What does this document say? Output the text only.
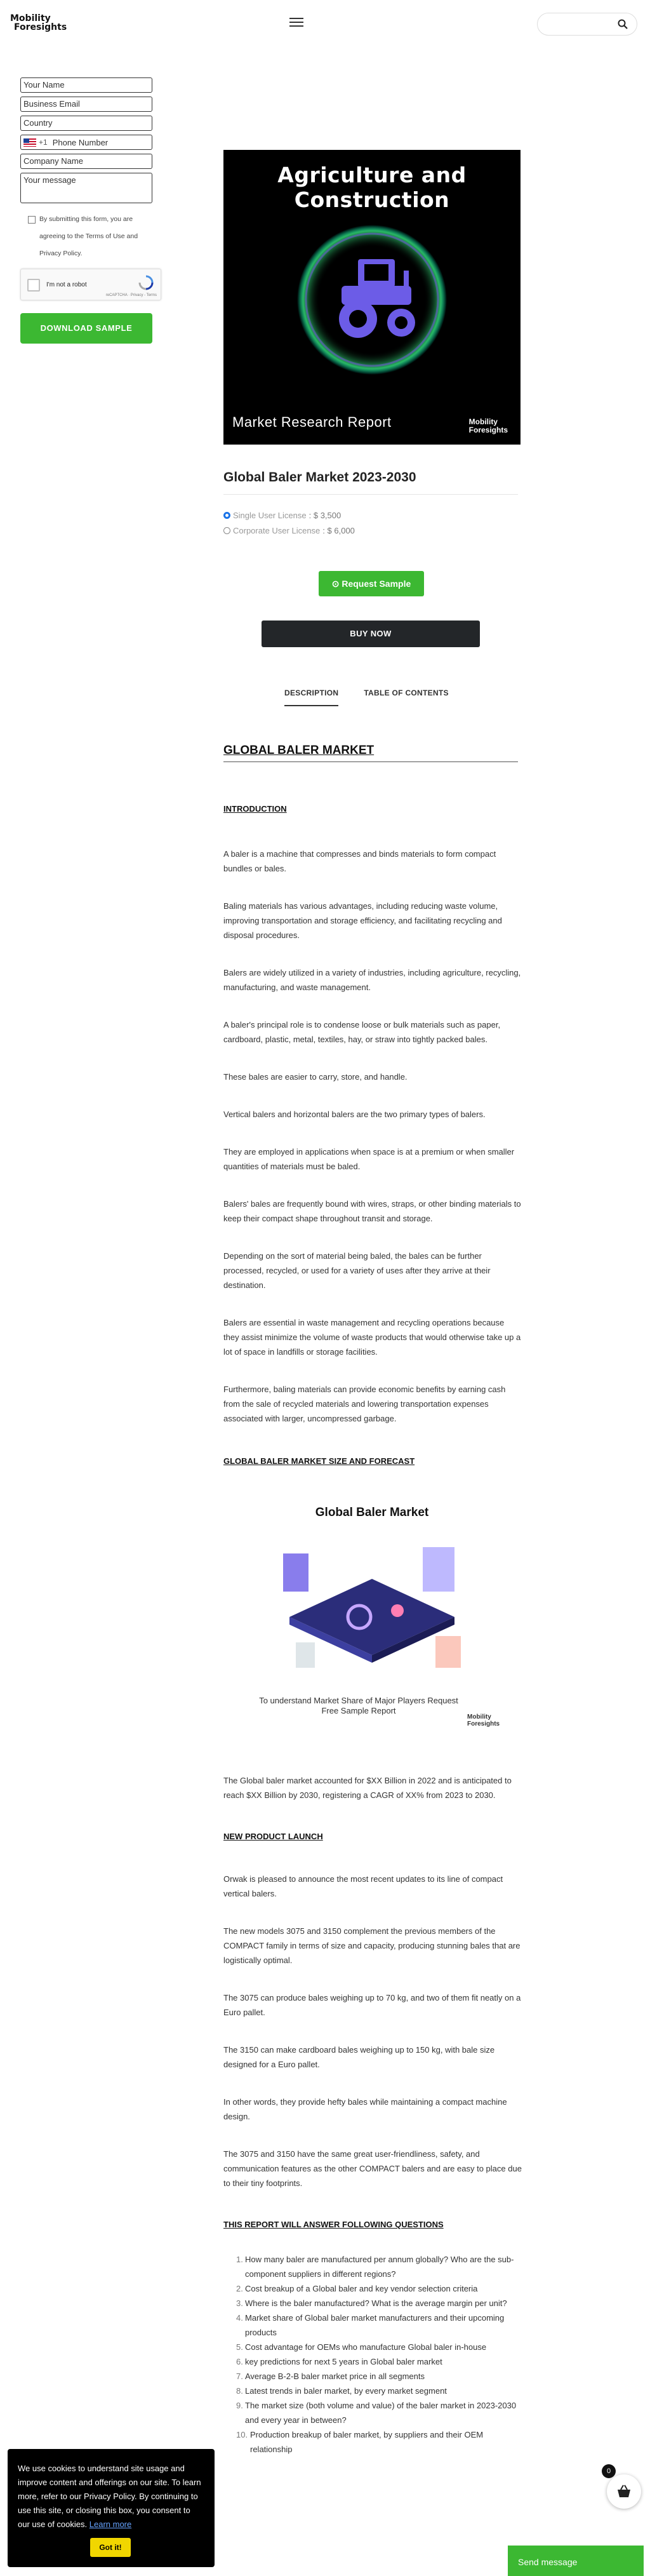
Mobility
Foresights
Your Name
Business Email
Country
+1 Phone Number
Company Name
Your message
By submitting this form, you are agreeing to the Terms of Use and Privacy Policy.
I'm not a robot
reCAPTCHA · Privacy - Terms
DOWNLOAD SAMPLE
Agriculture and Construction
Market Research Report	Mobility
Foresights
Global Baler Market 2023-2030
Single User License : $ 3,500
Corporate User License : $ 6,000
⊙ Request Sample
BUY NOW
DESCRIPTION	TABLE OF CONTENTS
GLOBAL BALER MARKET
INTRODUCTION

A baler is a machine that compresses and binds materials to form compact bundles or bales.

Baling materials has various advantages, including reducing waste volume, improving transportation and storage efficiency, and facilitating recycling and disposal procedures.

Balers are widely utilized in a variety of industries, including agriculture, recycling, manufacturing, and waste management.

A baler's principal role is to condense loose or bulk materials such as paper, cardboard, plastic, metal, textiles, hay, or straw into tightly packed bales.

These bales are easier to carry, store, and handle.

Vertical balers and horizontal balers are the two primary types of balers.

They are employed in applications when space is at a premium or when smaller quantities of materials must be baled.

Balers' bales are frequently bound with wires, straps, or other binding materials to keep their compact shape throughout transit and storage.

Depending on the sort of material being baled, the bales can be further processed, recycled, or used for a variety of uses after they arrive at their destination.

Balers are essential in waste management and recycling operations because they assist minimize the volume of waste products that would otherwise take up a lot of space in landfills or storage facilities.

Furthermore, baling materials can provide economic benefits by earning cash from the sale of recycled materials and lowering transportation expenses associated with larger, uncompressed garbage.

GLOBAL BALER MARKET SIZE AND FORECAST
Global Baler Market
To understand Market Share of Major Players Request Free Sample Report
Mobility
Foresights

The Global baler market accounted for $XX Billion in 2022 and is anticipated to reach $XX Billion by 2030, registering a CAGR of XX% from 2023 to 2030.

NEW PRODUCT LAUNCH

Orwak is pleased to announce the most recent updates to its line of compact vertical balers.

The new models 3075 and 3150 complement the previous members of the COMPACT family in terms of size and capacity, producing stunning bales that are logistically optimal.

The 3075 can produce bales weighing up to 70 kg, and two of them fit neatly on a Euro pallet.

The 3150 can make cardboard bales weighing up to 150 kg, with bale size designed for a Euro pallet.

In other words, they provide hefty bales while maintaining a compact machine design.

The 3075 and 3150 have the same great user-friendliness, safety, and communication features as the other COMPACT balers and are easy to place due to their tiny footprints.

THIS REPORT WILL ANSWER FOLLOWING QUESTIONS
1. How many baler are manufactured per annum globally? Who are the sub-component suppliers in different regions?
2. Cost breakup of a Global baler and key vendor selection criteria
3. Where is the baler manufactured? What is the average margin per unit?
4. Market share of Global baler market manufacturers and their upcoming products
5. Cost advantage for OEMs who manufacture Global baler in-house
6. key predictions for next 5 years in Global baler market
7. Average B-2-B baler market price in all segments
8. Latest trends in baler market, by every market segment
9. The market size (both volume and value) of the baler market in 2023-2030 and every year in between?
10. Production breakup of baler market, by suppliers and their OEM relationship
We use cookies to understand site usage and improve content and offerings on our site. To learn more, refer to our Privacy Policy. By continuing to use this site, or closing this box, you consent to our use of cookies. Learn more
Got it!
0
Send message
